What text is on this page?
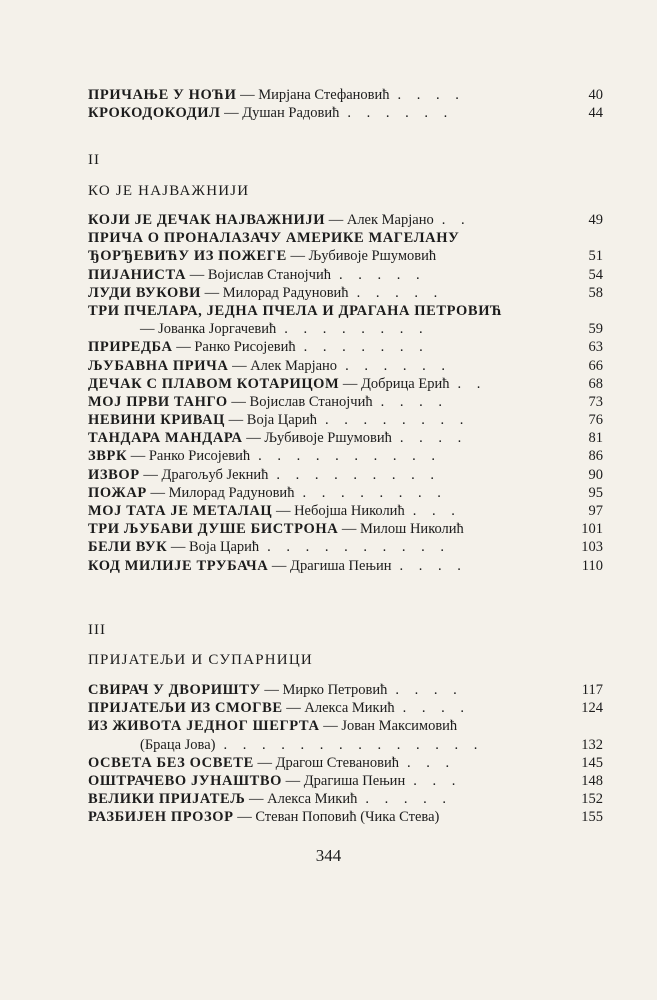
ПРИЧАЊЕ У НОЋИ — Мирјана Стефановић . . . .	40
КРОКОДОКОДИЛ — Душан Радовић . . . . . .	44
II
КО ЈЕ НАЈВАЖНИЈИ
КОЈИ ЈЕ ДЕЧАК НАЈВАЖНИЈИ — Алек Марјано . .	49
ПРИЧА О ПРОНАЛАЗАЧУ АМЕРИКЕ МАГЕЛАНУ
ЂОРЂЕВИЋУ ИЗ ПОЖЕГЕ — Љубивоје Ршумовић	51
ПИЈАНИСТА — Војислав Станојчић . . . . .	54
ЛУДИ ВУКОВИ — Милорад Радуновић . . . . .	58
ТРИ ПЧЕЛАРА, ЈЕДНА ПЧЕЛА И ДРАГАНА ПЕТРОВИЋ
— Јованка Јоргачевић . . . . . . . .	59
ПРИРЕДБА — Ранко Рисојевић . . . . . . .	63
ЉУБАВНА ПРИЧА — Алек Марјано . . . . . .	66
ДЕЧАК С ПЛАВОМ КОТАРИЦОМ — Добрица Ерић . .	68
МОЈ ПРВИ ТАНГО — Војислав Станојчић . . . .	73
НЕВИНИ КРИВАЦ — Воја Царић . . . . . . . .	76
ТАНДАРА МАНДАРА — Љубивоје Ршумовић . . . .	81
ЗВРК — Ранко Рисојевић . . . . . . . . . .	86
ИЗВОР — Драгољуб Јекнић . . . . . . . . .	90
ПОЖАР — Милорад Радуновић . . . . . . . .	95
МОЈ ТАТА ЈЕ МЕТАЛАЦ — Небојша Николић . . .	97
ТРИ ЉУБАВИ ДУШЕ БИСТРОНА — Милош Николић	101
БЕЛИ ВУК — Воја Царић . . . . . . . . . .	103
КОД МИЛИЈЕ ТРУБАЧА — Драгиша Пењин . . . .	110
III
ПРИЈАТЕЉИ И СУПАРНИЦИ
СВИРАЧ У ДВОРИШТУ — Мирко Петровић . . . .	117
ПРИЈАТЕЉИ ИЗ СМОГВЕ — Алекса Микић . . . .	124
ИЗ ЖИВОТА ЈЕДНОГ ШЕГРТА — Јован Максимовић
(Браца Јова) . . . . . . . . . . . . . .	132
ОСВЕТА БЕЗ ОСВЕТЕ — Драгош Стевановић . . .	145
ОШТРАЧЕВО ЈУНАШТВО — Драгиша Пењин . . .	148
ВЕЛИКИ ПРИЈАТЕЉ — Алекса Микић . . . . .	152
РАЗБИЈЕН ПРОЗОР — Стеван Поповић (Чика Стева)	155
344
